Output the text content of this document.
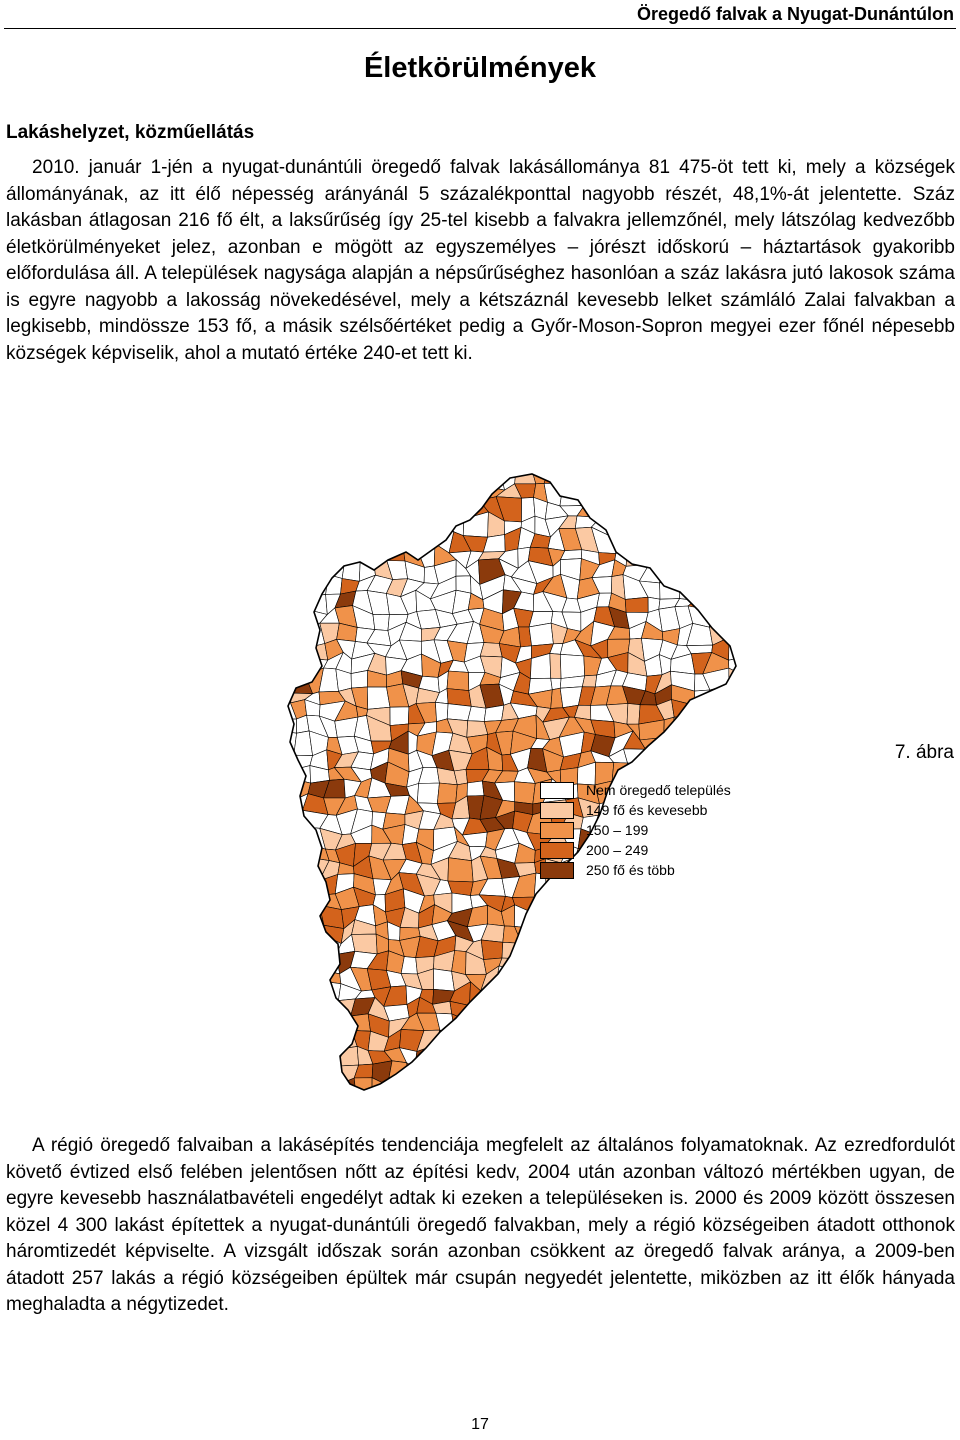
Öregedő falvak a Nyugat-Dunántúlon
Életkörülmények
Lakáshelyzet, közműellátás

2010. január 1-jén a nyugat-dunántúli öregedő falvak lakásállománya 81 475-öt tett ki, mely a községek állományának, az itt élő népesség arányánál 5 százalékponttal nagyobb részét, 48,1%-át jelentette. Száz lakásban átlagosan 216 fő élt, a laksűrűség így 25-tel kisebb a falvakra jellemzőnél, mely látszólag kedvezőbb életkörülményeket jelez, azonban e mögött az egyszemélyes – jórészt időskorú – háztartások gyakoribb előfordulása áll. A települések nagysága alapján a népsűrűséghez hasonlóan a száz lakásra jutó lakosok száma is egyre nagyobb a lakosság növekedésével, mely a kétszáznál kevesebb lelket számláló Zalai falvakban a legkisebb, mindössze 153 fő, a másik szélsőértéket pedig a Győr-Moson-Sopron megyei ezer főnél népesebb községek képviselik, ahol a mutató értéke 240-et tett ki.

7. ábra
Nem öregedő település
149 fő és kevesebb
150 – 199
200 – 249
250 fő és több

A régió öregedő falvaiban a lakásépítés tendenciája megfelelt az általános folyamatoknak. Az ezredfordulót követő évtized első felében jelentősen nőtt az építési kedv, 2004 után azonban változó mértékben ugyan, de egyre kevesebb használatbavételi engedélyt adtak ki ezeken a településeken is. 2000 és 2009 között összesen közel 4 300 lakást építettek a nyugat-dunántúli öregedő falvakban, mely a régió községeiben átadott otthonok háromtizedét képviselte. A vizsgált időszak során azonban csökkent az öregedő falvak aránya, a 2009-ben átadott 257 lakás a régió községeiben épültek már csupán negyedét jelentette, miközben az itt élők hányada meghaladta a négytizedet.

17
